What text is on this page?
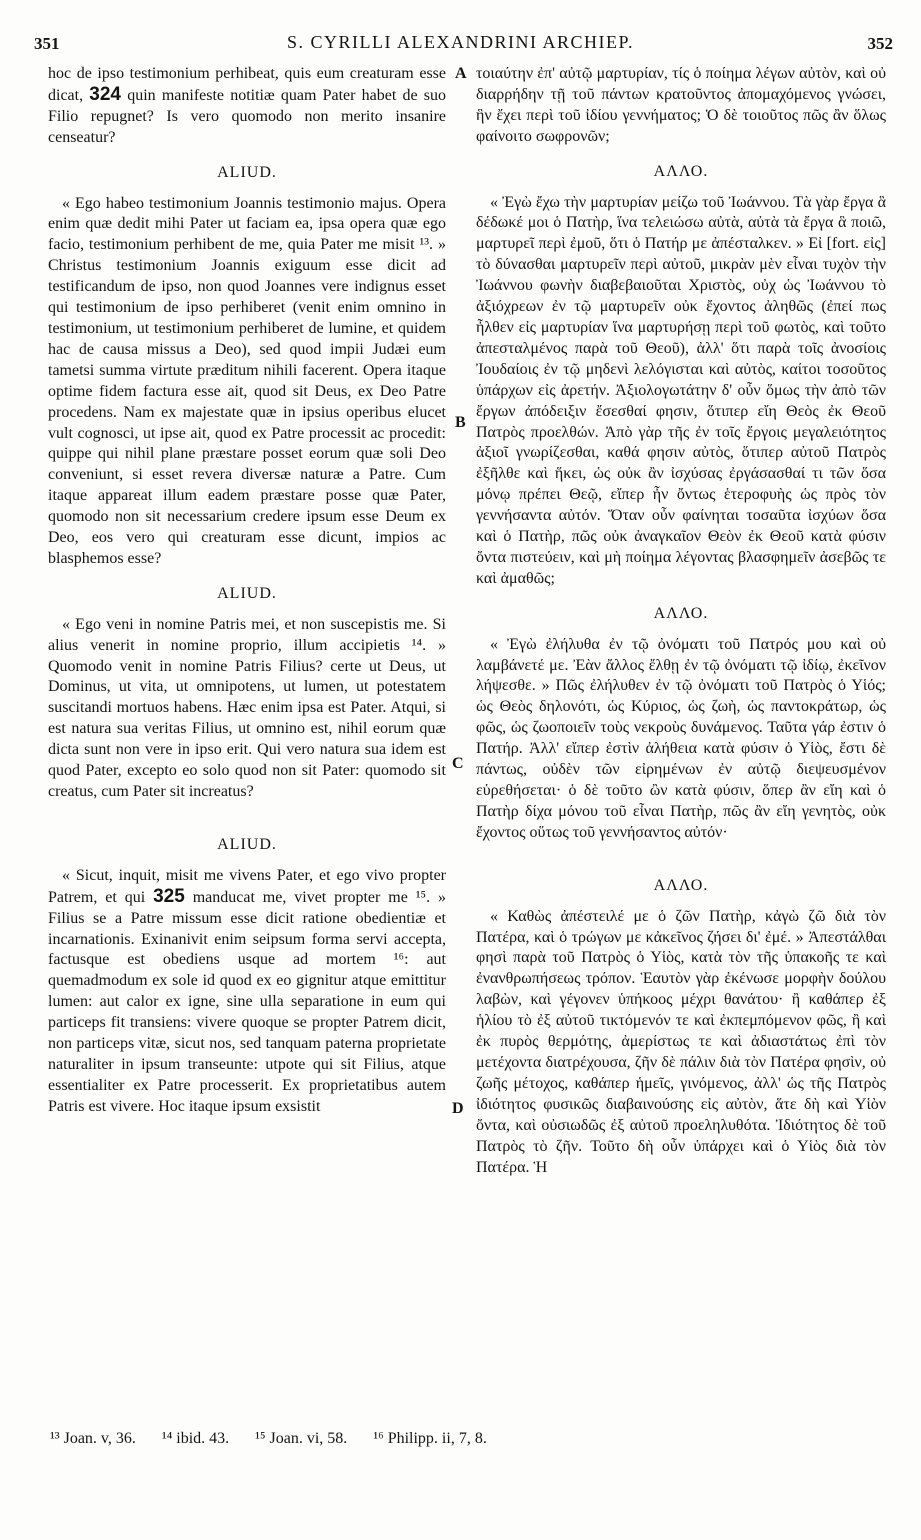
351	S. CYRILLI ALEXANDRINI ARCHIEP.	352
A
B
C
D

hoc de ipso testimonium perhibeat, quis eum creaturam esse dicat, 324 quin manifeste notitiæ quam Pater habet de suo Filio repugnet? Is vero quomodo non merito insanire censeatur?

ALIUD.

« Ego habeo testimonium Joannis testimonio majus. Opera enim quæ dedit mihi Pater ut faciam ea, ipsa opera quæ ego facio, testimonium perhibent de me, quia Pater me misit ¹³. » Christus testimonium Joannis exiguum esse dicit ad testificandum de ipso, non quod Joannes vere indignus esset qui testimonium de ipso perhiberet (venit enim omnino in testimonium, ut testimonium perhiberet de lumine, et quidem hac de causa missus a Deo), sed quod impii Judæi eum tametsi summa virtute præditum nihili facerent. Opera itaque optime fidem factura esse ait, quod sit Deus, ex Deo Patre procedens. Nam ex majestate quæ in ipsius operibus elucet vult cognosci, ut ipse ait, quod ex Patre processit ac procedit: quippe qui nihil plane præstare posset eorum quæ soli Deo conveniunt, si esset revera diversæ naturæ a Patre. Cum itaque appareat illum eadem præstare posse quæ Pater, quomodo non sit necessarium credere ipsum esse Deum ex Deo, eos vero qui creaturam esse dicunt, impios ac blasphemos esse?

ALIUD.

« Ego veni in nomine Patris mei, et non suscepistis me. Si alius venerit in nomine proprio, illum accipietis ¹⁴. » Quomodo venit in nomine Patris Filius? certe ut Deus, ut Dominus, ut vita, ut omnipotens, ut lumen, ut potestatem suscitandi mortuos habens. Hæc enim ipsa est Pater. Atqui, si est natura sua veritas Filius, ut omnino est, nihil eorum quæ dicta sunt non vere in ipso erit. Qui vero natura sua idem est quod Pater, excepto eo solo quod non sit Pater: quomodo sit creatus, cum Pater sit increatus?

ALIUD.

« Sicut, inquit, misit me vivens Pater, et ego vivo propter Patrem, et qui 325 manducat me, vivet propter me ¹⁵. » Filius se a Patre missum esse dicit ratione obedientiæ et incarnationis. Exinanivit enim seipsum forma servi accepta, factusque est obediens usque ad mortem ¹⁶: aut quemadmodum ex sole id quod ex eo gignitur atque emittitur lumen: aut calor ex igne, sine ulla separatione in eum qui particeps fit transiens: vivere quoque se propter Patrem dicit, non particeps vitæ, sicut nos, sed tanquam paterna proprietate naturaliter in ipsum transeunte: utpote qui sit Filius, atque essentialiter ex Patre processerit. Ex proprietatibus autem Patris est vivere. Hoc itaque ipsum exsistit

τοιαύτην ἐπ' αὐτῷ μαρτυρίαν, τίς ὁ ποίημα λέγων αὐτὸν, καὶ οὐ διαρρήδην τῇ τοῦ πάντων κρατοῦντος ἀπομαχόμενος γνώσει, ἣν ἔχει περὶ τοῦ ἰδίου γεννήματος; Ὁ δὲ τοιοῦτος πῶς ἂν ὅλως φαίνοιτο σωφρονῶν;

ΑΛΛΟ.

« Ἐγὼ ἔχω τὴν μαρτυρίαν μείζω τοῦ Ἰωάννου. Τὰ γὰρ ἔργα ἃ δέδωκέ μοι ὁ Πατὴρ, ἵνα τελειώσω αὐτὰ, αὐτὰ τὰ ἔργα ἃ ποιῶ, μαρτυρεῖ περὶ ἐμοῦ, ὅτι ὁ Πατήρ με ἀπέσταλκεν. » Εἰ [fort. εἰς] τὸ δύνασθαι μαρτυρεῖν περὶ αὐτοῦ, μικρὰν μὲν εἶναι τυχὸν τὴν Ἰωάννου φωνὴν διαβεβαιοῦται Χριστὸς, οὐχ ὡς Ἰωάννου τὸ ἀξιόχρεων ἐν τῷ μαρτυρεῖν οὐκ ἔχοντος ἀληθῶς (ἐπεί πως ἦλθεν εἰς μαρτυρίαν ἵνα μαρτυρήσῃ περὶ τοῦ φωτὸς, καὶ τοῦτο ἀπεσταλμένος παρὰ τοῦ Θεοῦ), ἀλλ' ὅτι παρὰ τοῖς ἀνοσίοις Ἰουδαίοις ἐν τῷ μηδενὶ λελόγισται καὶ αὐτὸς, καίτοι τοσοῦτος ὑπάρχων εἰς ἀρετήν. Ἀξιολογωτάτην δ' οὖν ὅμως τὴν ἀπὸ τῶν ἔργων ἀπόδειξιν ἔσεσθαί φησιν, ὅτιπερ εἴη Θεὸς ἐκ Θεοῦ Πατρὸς προελθών. Ἀπὸ γὰρ τῆς ἐν τοῖς ἔργοις μεγαλειότητος ἀξιοῖ γνωρίζεσθαι, καθά φησιν αὐτὸς, ὅτιπερ αὐτοῦ Πατρὸς ἐξῆλθε καὶ ἥκει, ὡς οὐκ ἂν ἰσχύσας ἐργάσασθαί τι τῶν ὅσα μόνῳ πρέπει Θεῷ, εἴπερ ἦν ὄντως ἑτεροφυὴς ὡς πρὸς τὸν γεννήσαντα αὐτόν. Ὅταν οὖν φαίνηται τοσαῦτα ἰσχύων ὅσα καὶ ὁ Πατὴρ, πῶς οὐκ ἀναγκαῖον Θεὸν ἐκ Θεοῦ κατὰ φύσιν ὄντα πιστεύειν, καὶ μὴ ποίημα λέγοντας βλασφημεῖν ἀσεβῶς τε καὶ ἀμαθῶς;

ΑΛΛΟ.

« Ἐγὼ ἐλήλυθα ἐν τῷ ὀνόματι τοῦ Πατρός μου καὶ οὐ λαμβάνετέ με. Ἐὰν ἄλλος ἔλθῃ ἐν τῷ ὀνόματι τῷ ἰδίῳ, ἐκεῖνον λήψεσθε. » Πῶς ἐλήλυθεν ἐν τῷ ὀνόματι τοῦ Πατρὸς ὁ Υἱός; ὡς Θεὸς δηλονότι, ὡς Κύριος, ὡς ζωὴ, ὡς παντοκράτωρ, ὡς φῶς, ὡς ζωοποιεῖν τοὺς νεκροὺς δυνάμενος. Ταῦτα γάρ ἐστιν ὁ Πατήρ. Ἀλλ' εἴπερ ἐστὶν ἀλήθεια κατὰ φύσιν ὁ Υἱὸς, ἔστι δὲ πάντως, οὐδὲν τῶν εἰρημένων ἐν αὐτῷ διεψευσμένον εὑρεθήσεται· ὁ δὲ τοῦτο ὢν κατὰ φύσιν, ὅπερ ἂν εἴη καὶ ὁ Πατὴρ δίχα μόνου τοῦ εἶναι Πατὴρ, πῶς ἂν εἴη γενητὸς, οὐκ ἔχοντος οὕτως τοῦ γεννήσαντος αὐτόν·

ΑΛΛΟ.

« Καθὼς ἀπέστειλέ με ὁ ζῶν Πατὴρ, κἀγὼ ζῶ διὰ τὸν Πατέρα, καὶ ὁ τρώγων με κἀκεῖνος ζήσει δι' ἐμέ. » Ἀπεστάλθαι φησὶ παρὰ τοῦ Πατρὸς ὁ Υἱὸς, κατὰ τὸν τῆς ὑπακοῆς τε καὶ ἐνανθρωπήσεως τρόπον. Ἑαυτὸν γὰρ ἐκένωσε μορφὴν δούλου λαβὼν, καὶ γέγονεν ὑπήκοος μέχρι θανάτου· ἢ καθάπερ ἐξ ἡλίου τὸ ἐξ αὐτοῦ τικτόμενόν τε καὶ ἐκπεμπόμενον φῶς, ἢ καὶ ἐκ πυρὸς θερμότης, ἀμερίστως τε καὶ ἀδιαστάτως ἐπὶ τὸν μετέχοντα διατρέχουσα, ζῆν δὲ πάλιν διὰ τὸν Πατέρα φησὶν, οὐ ζωῆς μέτοχος, καθάπερ ἡμεῖς, γινόμενος, ἀλλ' ὡς τῆς Πατρὸς ἰδιότητος φυσικῶς διαβαινούσης εἰς αὐτὸν, ἅτε δὴ καὶ Υἱὸν ὄντα, καὶ οὐσιωδῶς ἐξ αὐτοῦ προεληλυθότα. Ἰδιότητος δὲ τοῦ Πατρὸς τὸ ζῆν. Τοῦτο δὴ οὖν ὑπάρχει καὶ ὁ Υἱὸς διὰ τὸν Πατέρα. Ἡ

¹³ Joan. v, 36. ¹⁴ ibid. 43. ¹⁵ Joan. vi, 58. ¹⁶ Philipp. ii, 7, 8.
